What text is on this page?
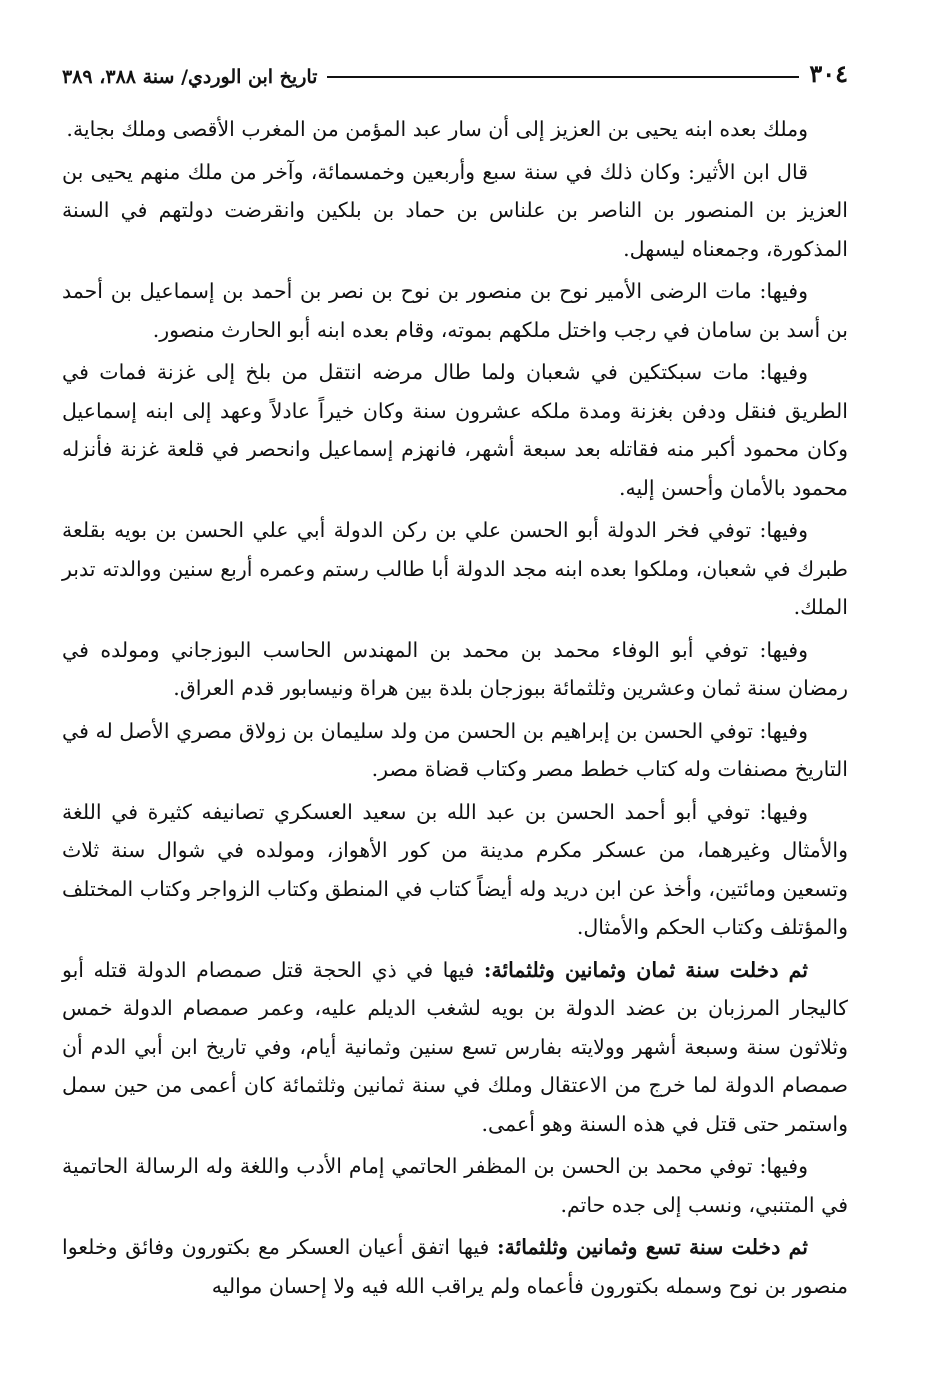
٣٠٤
تاريخ ابن الوردي/ سنة ٣٨٨، ٣٨٩

وملك بعده ابنه يحيى بن العزيز إلى أن سار عبد المؤمن من المغرب الأقصى وملك بجاية.

قال ابن الأثير: وكان ذلك في سنة سبع وأربعين وخمسمائة، وآخر من ملك منهم يحيى بن العزيز بن المنصور بن الناصر بن علناس بن حماد بن بلكين وانقرضت دولتهم في السنة المذكورة، وجمعناه ليسهل.

وفيها: مات الرضى الأمير نوح بن منصور بن نوح بن نصر بن أحمد بن إسماعيل بن أحمد بن أسد بن سامان في رجب واختل ملكهم بموته، وقام بعده ابنه أبو الحارث منصور.

وفيها: مات سبكتكين في شعبان ولما طال مرضه انتقل من بلخ إلى غزنة فمات في الطريق فنقل ودفن بغزنة ومدة ملكه عشرون سنة وكان خيراً عادلاً وعهد إلى ابنه إسماعيل وكان محمود أكبر منه فقاتله بعد سبعة أشهر، فانهزم إسماعيل وانحصر في قلعة غزنة فأنزله محمود بالأمان وأحسن إليه.

وفيها: توفي فخر الدولة أبو الحسن علي بن ركن الدولة أبي علي الحسن بن بويه بقلعة طبرك في شعبان، وملكوا بعده ابنه مجد الدولة أبا طالب رستم وعمره أربع سنين ووالدته تدبر الملك.

وفيها: توفي أبو الوفاء محمد بن محمد بن المهندس الحاسب البوزجاني ومولده في رمضان سنة ثمان وعشرين وثلثمائة ببوزجان بلدة بين هراة ونيسابور قدم العراق.

وفيها: توفي الحسن بن إبراهيم بن الحسن من ولد سليمان بن زولاق مصري الأصل له في التاريخ مصنفات وله كتاب خطط مصر وكتاب قضاة مصر.

وفيها: توفي أبو أحمد الحسن بن عبد الله بن سعيد العسكري تصانيفه كثيرة في اللغة والأمثال وغيرهما، من عسكر مكرم مدينة من كور الأهواز، ومولده في شوال سنة ثلاث وتسعين ومائتين، وأخذ عن ابن دريد وله أيضاً كتاب في المنطق وكتاب الزواجر وكتاب المختلف والمؤتلف وكتاب الحكم والأمثال.

ثم دخلت سنة ثمان وثمانين وثلثمائة: فيها في ذي الحجة قتل صمصام الدولة قتله أبو كاليجار المرزبان بن عضد الدولة بن بويه لشغب الديلم عليه، وعمر صمصام الدولة خمس وثلاثون سنة وسبعة أشهر وولايته بفارس تسع سنين وثمانية أيام، وفي تاريخ ابن أبي الدم أن صمصام الدولة لما خرج من الاعتقال وملك في سنة ثمانين وثلثمائة كان أعمى من حين سمل واستمر حتى قتل في هذه السنة وهو أعمى.

وفيها: توفي محمد بن الحسن بن المظفر الحاتمي إمام الأدب واللغة وله الرسالة الحاتمية في المتنبي، ونسب إلى جده حاتم.

ثم دخلت سنة تسع وثمانين وثلثمائة: فيها اتفق أعيان العسكر مع بكتورون وفائق وخلعوا منصور بن نوح وسمله بكتورون فأعماه ولم يراقب الله فيه ولا إحسان مواليه
